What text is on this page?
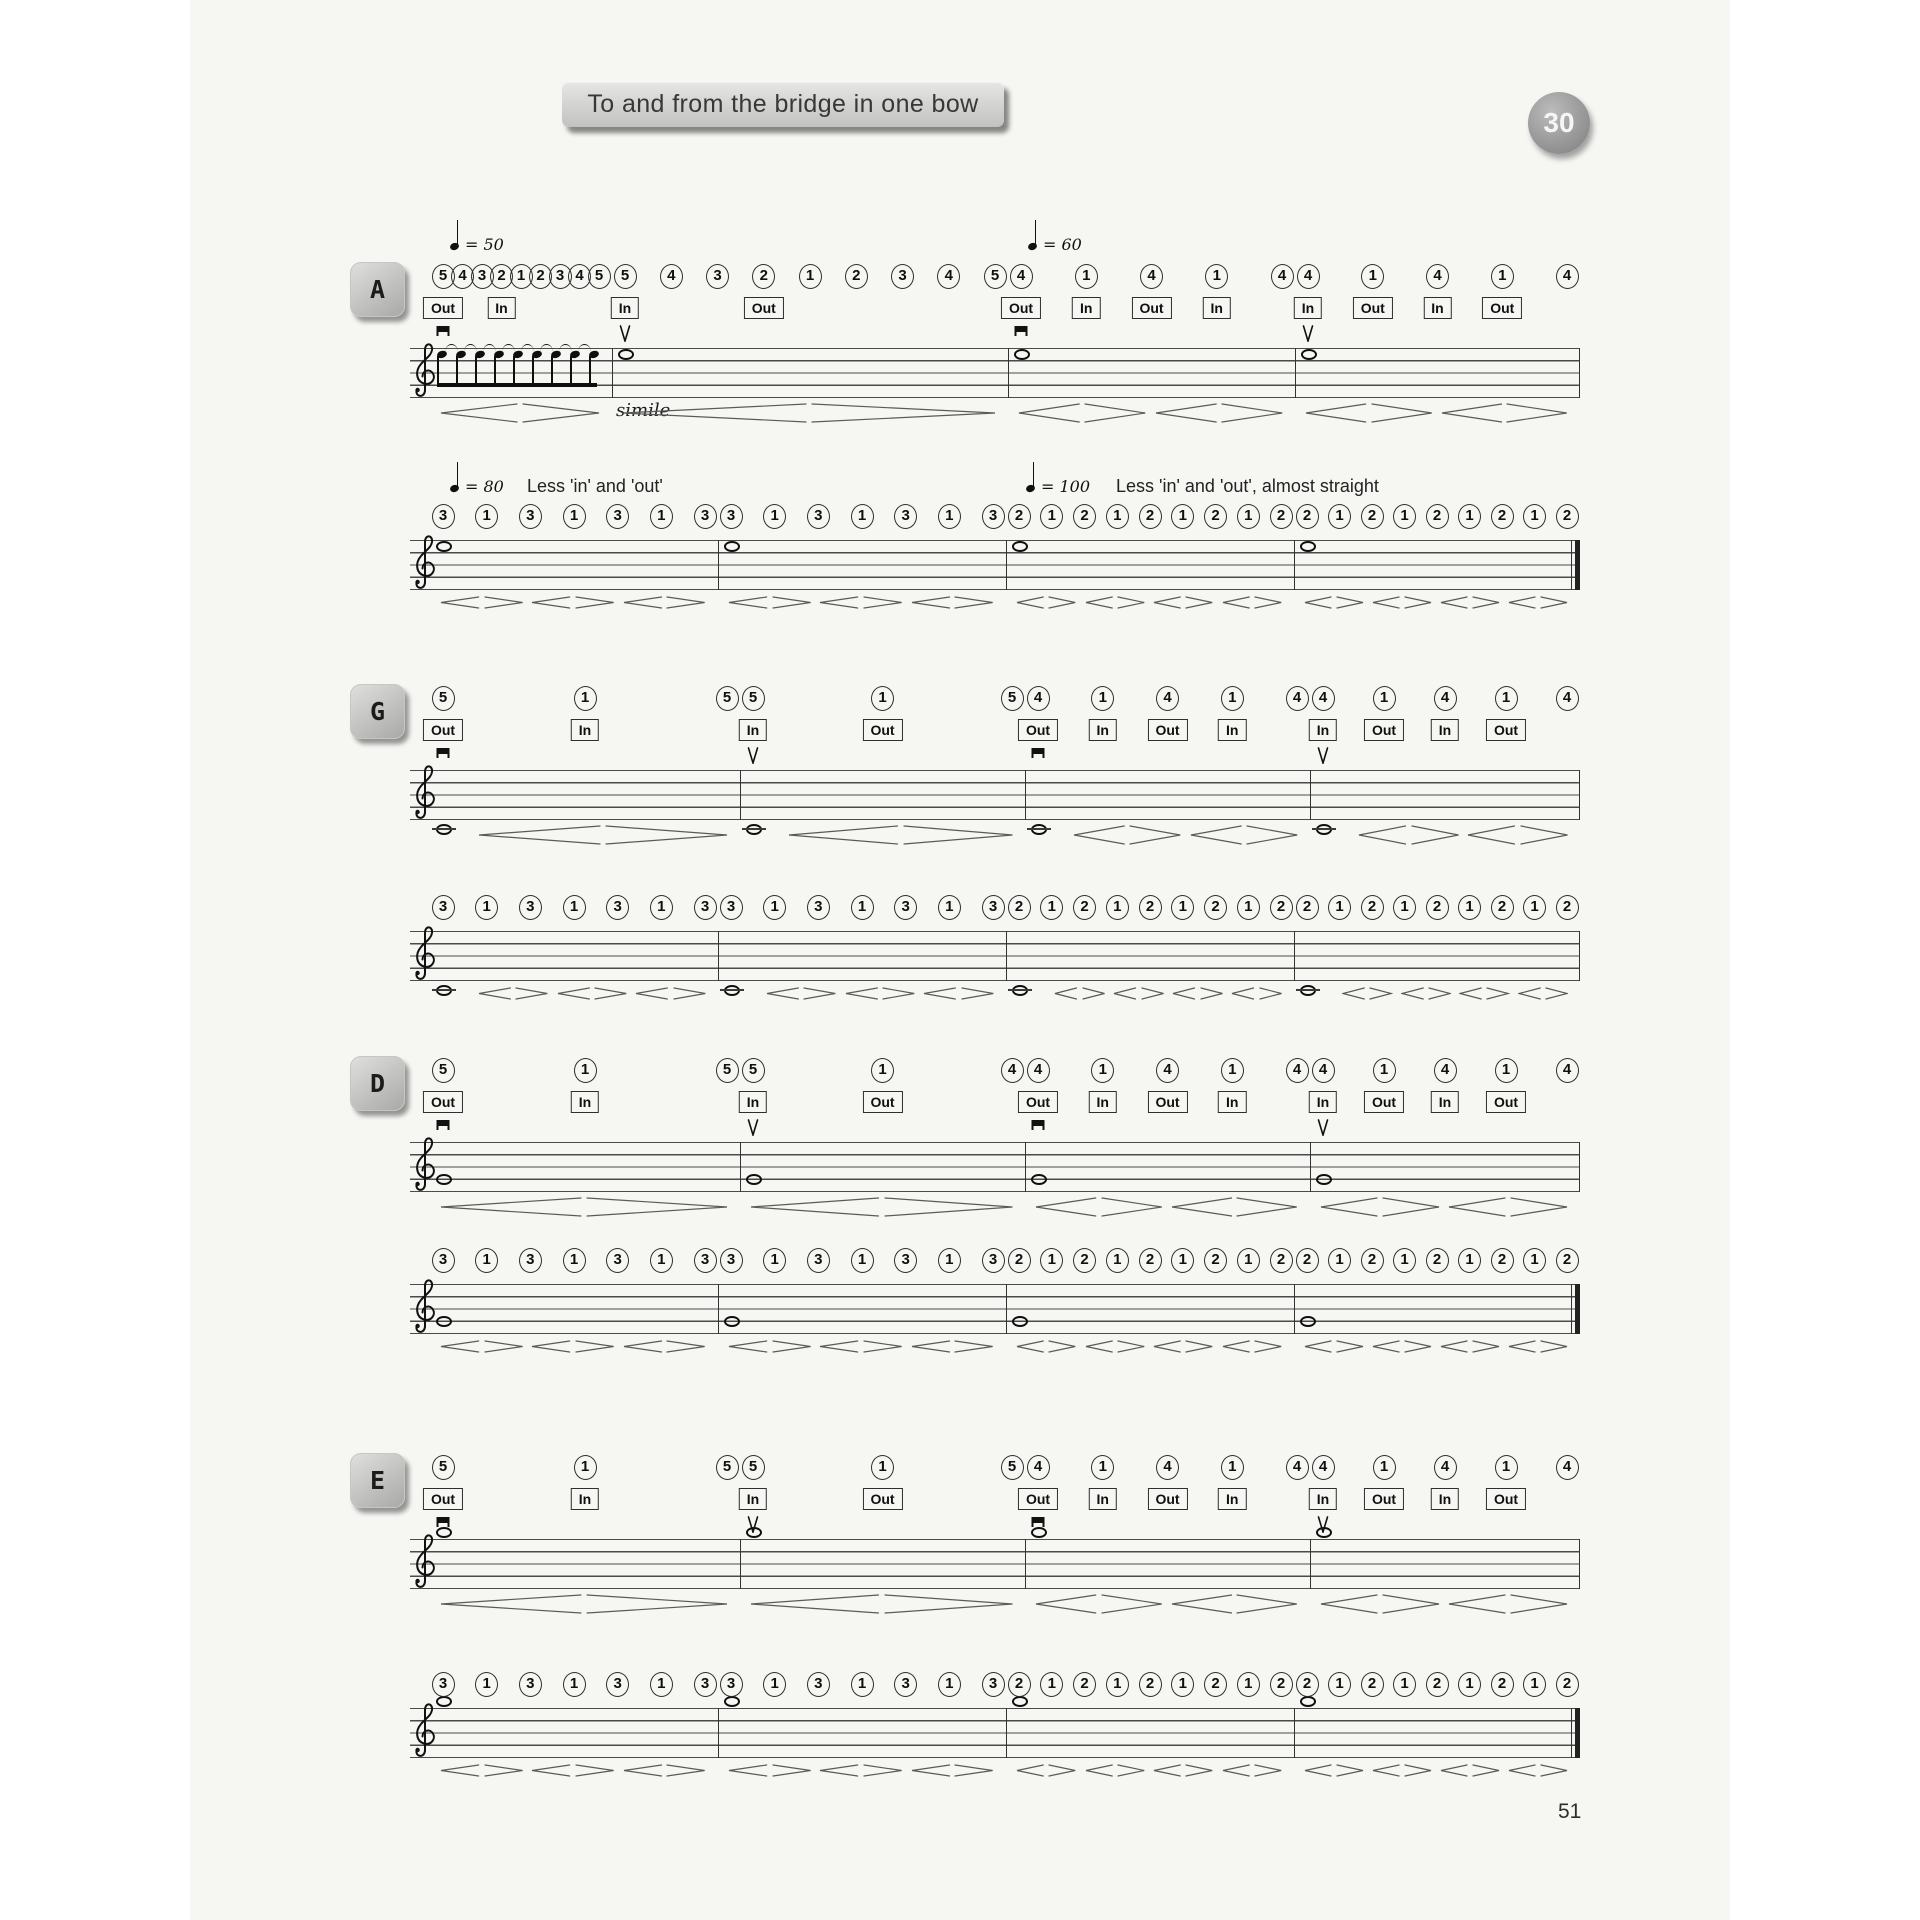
To and from the bridge in one bow
30
A	5 4 3 2 1 2 3 4 5
Out	In
= 50
5	4	3	2	1	2	3	4	5
In	Out
simile
4	1	4	1	4
Out	In	Out	In
= 60
4	1	4	1	4
In	Out	In	Out
3	1	3	1	3	1	3
= 80 Less 'in' and 'out'
3	1	3	1	3	1	3	2	1	2	1	2	1	2	1	2
= 100 Less 'in' and 'out', almost straight
2	1	2	1	2	1	2	1	2
G	5	1	5
Out	In
5	1	5
In	Out
4	1	4	1	4
Out	In	Out	In
4	1	4	1	4
In	Out	In	Out
3	1	3	1	3	1	3	3	1	3	1	3	1	3	2	1	2	1	2	1	2	1	2	2	1	2	1	2	1	2	1	2
D	5	1	5
Out	In
5	1	4
In	Out
4	1	4	1	4
Out	In	Out	In
4	1	4	1	4
In	Out	In	Out
3	1	3	1	3	1	3	3	1	3	1	3	1	3	2	1	2	1	2	1	2	1	2	2	1	2	1	2	1	2	1	2
E	5	1	5
Out	In
5	1	5
In	Out
4	1	4	1	4
Out	In	Out	In
4	1	4	1	4
In	Out	In	Out
3	1	3	1	3	1	3	3	1	3	1	3	1	3	2	1	2	1	2	1	2	1	2	2	1	2	1	2	1	2	1	2
51
